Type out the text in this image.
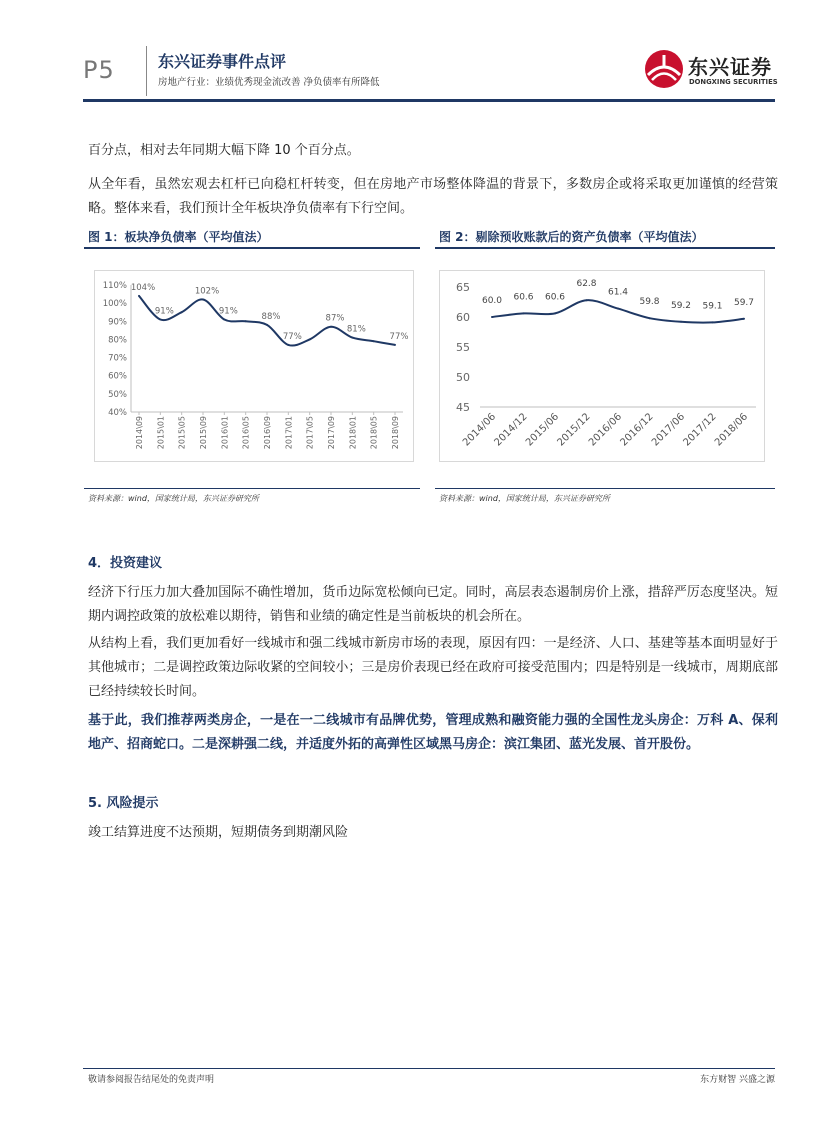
P5	东兴证券事件点评
房地产行业：业绩优秀现金流改善 净负债率有所降低
东兴证券
DONGXING SECURITIES
百分点，相对去年同期大幅下降 10 个百分点。
从全年看，虽然宏观去杠杆已向稳杠杆转变，但在房地产市场整体降温的背景下，多数房企或将采取更加谨慎的经营策略。整体来看，我们预计全年板块净负债率有下行空间。
图 1：板块净负债率（平均值法）
40%
50%
60%
70%
80%
90%
100%
110%
2014\09 2015\01 2015\05 2015\09 2016\01 2016\05 2016\09 2017\01 2017\05 2017\09 2018\01 2018\05 2018\09
104%
91%
102%
91%
88%
77%
87%
81%
77%
资料来源：wind，国家统计局，东兴证券研究所
图 2：剔除预收账款后的资产负债率（平均值法）
45
50
55
60
65
2014/06
2014/12
2015/06
2015/12
2016/06
2016/12
2017/06
2017/12
2018/06
60.0 60.6 60.6
62.8
61.4
59.8 59.2 59.1 59.7
资料来源：wind，国家统计局，东兴证券研究所
4．投资建议
经济下行压力加大叠加国际不确性增加，货币边际宽松倾向已定。同时，高层表态遏制房价上涨，措辞严厉态度坚决。短期内调控政策的放松难以期待，销售和业绩的确定性是当前板块的机会所在。
从结构上看，我们更加看好一线城市和强二线城市新房市场的表现，原因有四：一是经济、人口、基建等基本面明显好于其他城市；二是调控政策边际收紧的空间较小；三是房价表现已经在政府可接受范围内；四是特别是一线城市，周期底部已经持续较长时间。
基于此，我们推荐两类房企，一是在一二线城市有品牌优势，管理成熟和融资能力强的全国性龙头房企：万科 A、保利地产、招商蛇口。二是深耕强二线，并适度外拓的高弹性区域黑马房企：滨江集团、蓝光发展、首开股份。
5. 风险提示
竣工结算进度不达预期，短期债务到期潮风险
敬请参阅报告结尾处的免责声明	东方财智 兴盛之源
